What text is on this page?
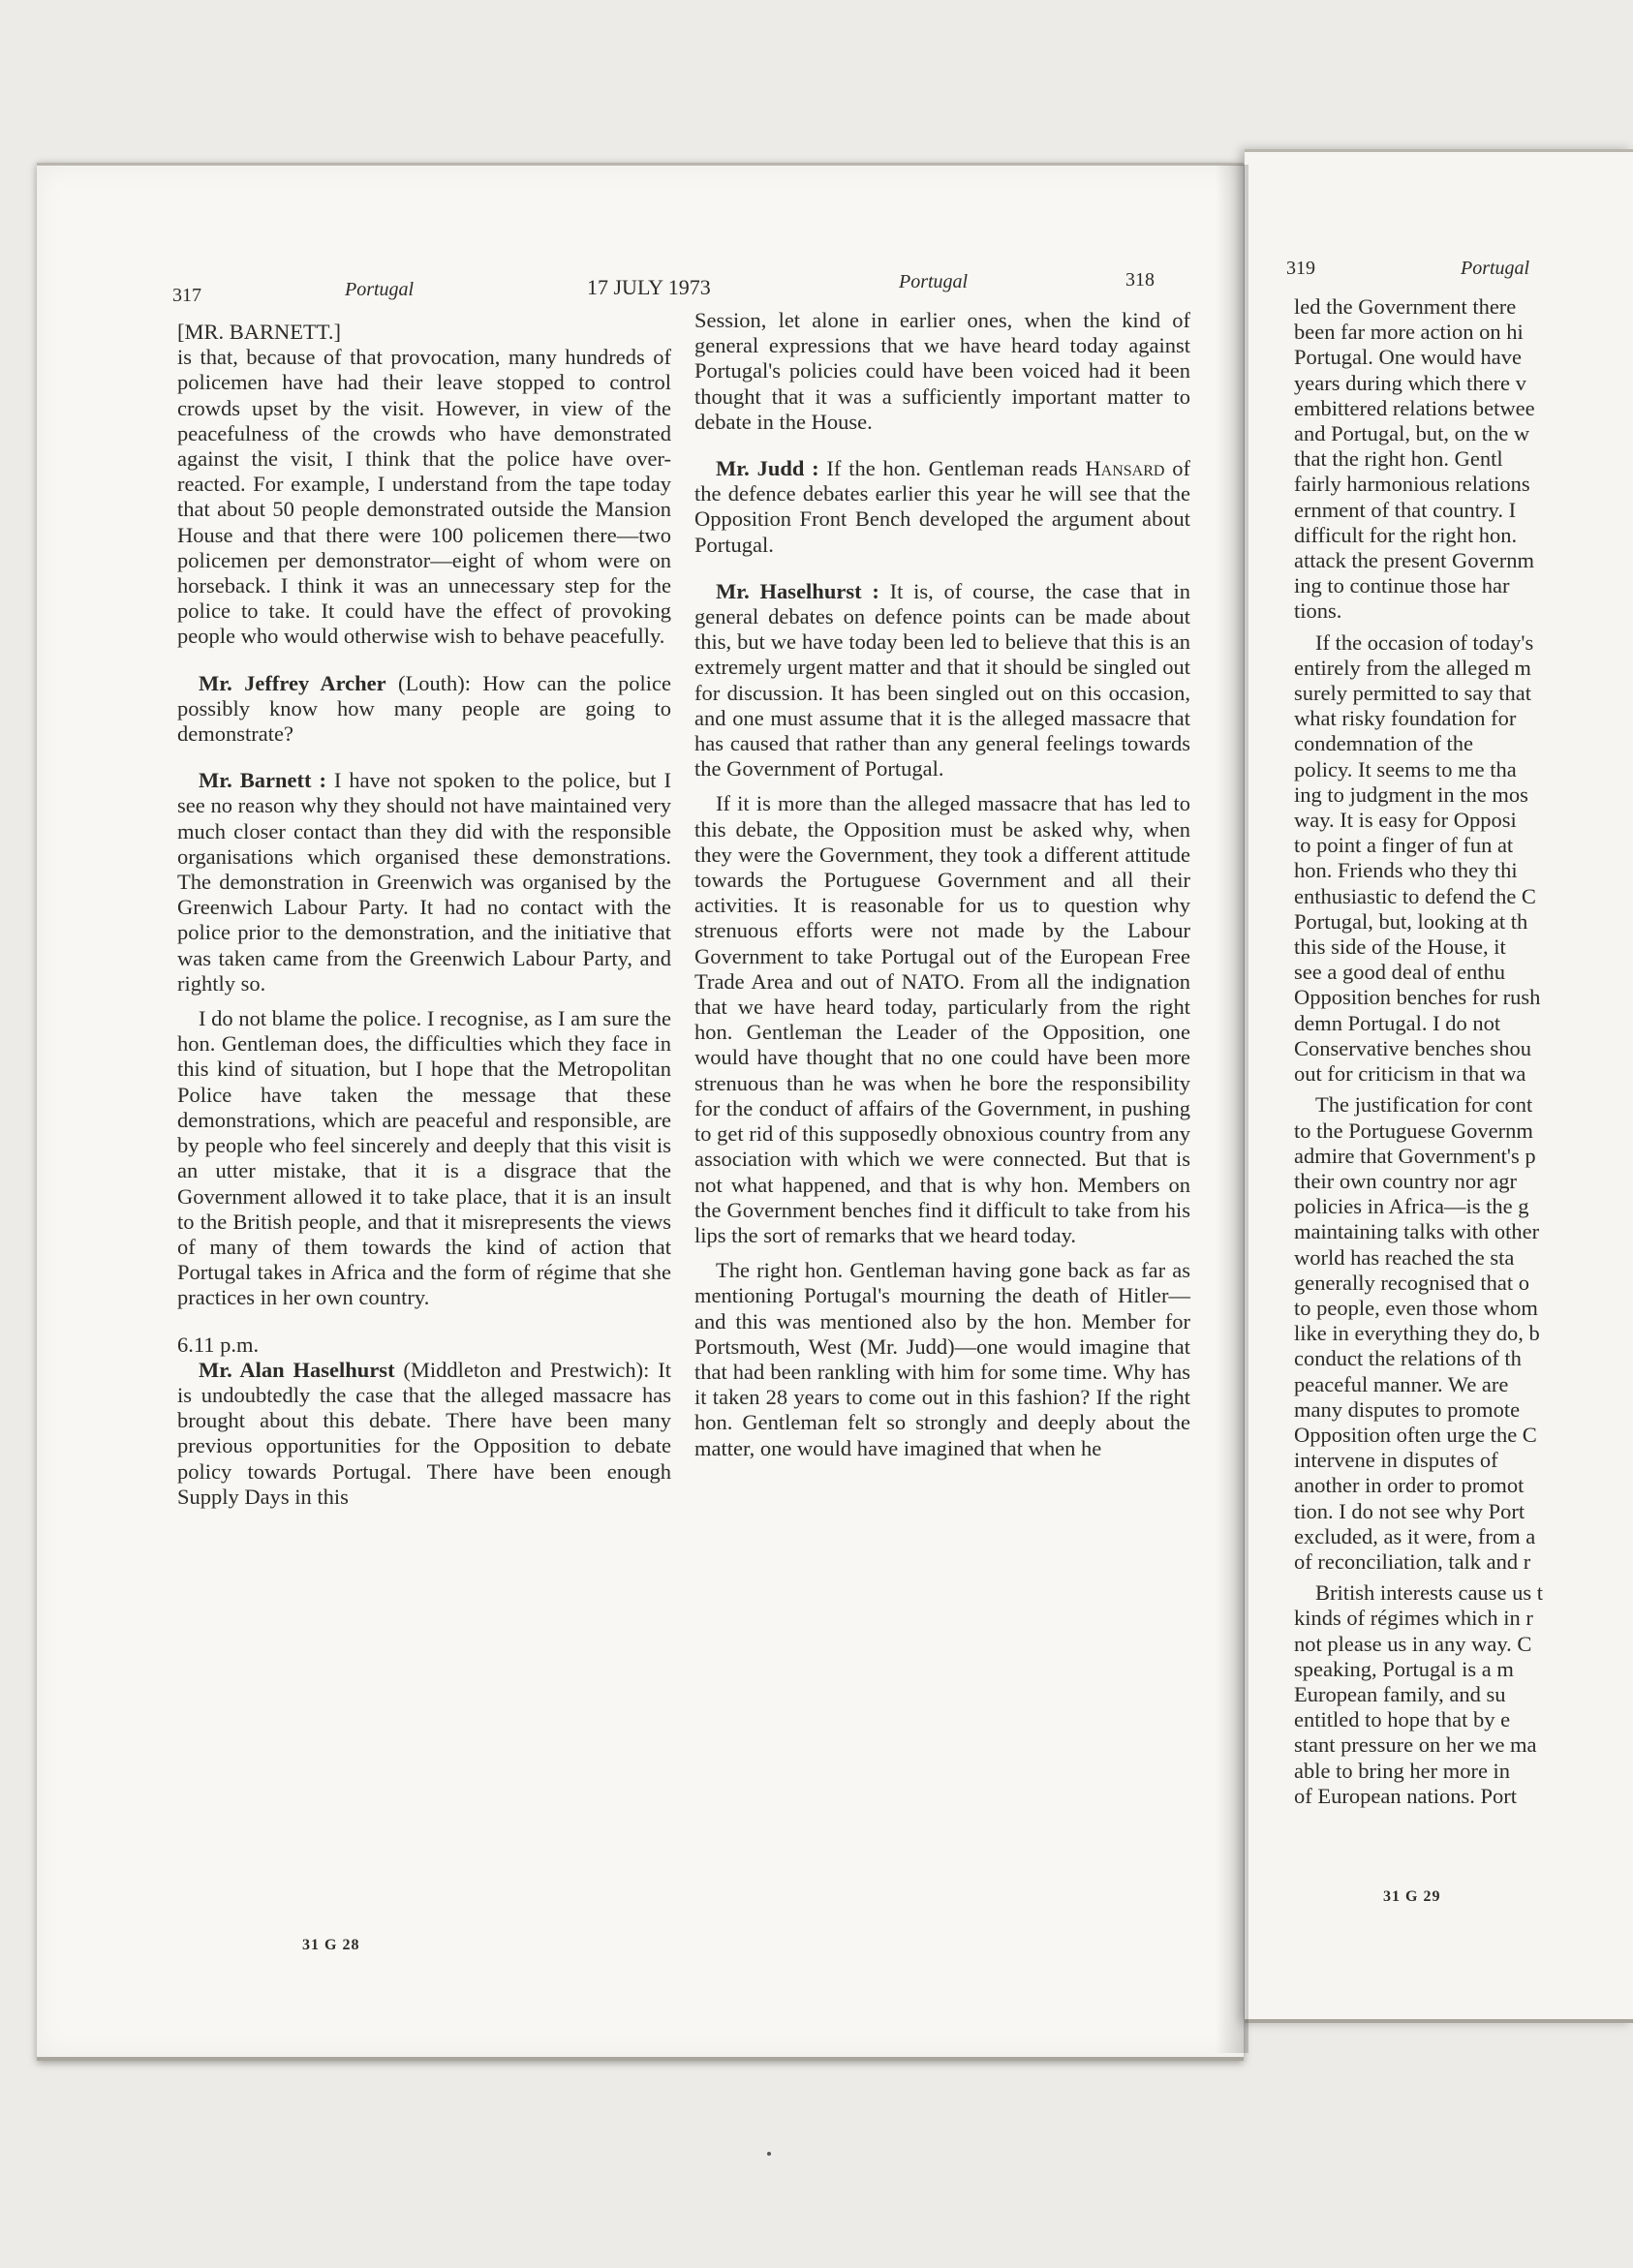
317	Portugal	17 JULY 1973	Portugal	318
319	Portugal

[MR. BARNETT.]

is that, because of that provocation, many hundreds of policemen have had their leave stopped to control crowds upset by the visit. However, in view of the peacefulness of the crowds who have demonstrated against the visit, I think that the police have over-reacted. For example, I understand from the tape today that about 50 people demonstrated outside the Mansion House and that there were 100 policemen there—two policemen per demonstrator—eight of whom were on horseback. I think it was an unnecessary step for the police to take. It could have the effect of provoking people who would otherwise wish to behave peacefully.

Mr. Jeffrey Archer (Louth): How can the police possibly know how many people are going to demonstrate?

Mr. Barnett : I have not spoken to the police, but I see no reason why they should not have maintained very much closer contact than they did with the responsible organisations which organised these demonstrations. The demonstration in Greenwich was organised by the Greenwich Labour Party. It had no contact with the police prior to the demonstration, and the initiative that was taken came from the Greenwich Labour Party, and rightly so.

I do not blame the police. I recognise, as I am sure the hon. Gentleman does, the difficulties which they face in this kind of situation, but I hope that the Metropolitan Police have taken the message that these demonstrations, which are peaceful and responsible, are by people who feel sincerely and deeply that this visit is an utter mistake, that it is a disgrace that the Government allowed it to take place, that it is an insult to the British people, and that it misrepresents the views of many of them towards the kind of action that Portugal takes in Africa and the form of régime that she practices in her own country.

6.11 p.m.

Mr. Alan Haselhurst (Middleton and Prestwich): It is undoubtedly the case that the alleged massacre has brought about this debate. There have been many previous opportunities for the Opposition to debate policy towards Portugal. There have been enough Supply Days in this

31 G 28

Session, let alone in earlier ones, when the kind of general expressions that we have heard today against Portugal's policies could have been voiced had it been thought that it was a sufficiently important matter to debate in the House.

Mr. Judd : If the hon. Gentleman reads Hansard of the defence debates earlier this year he will see that the Opposition Front Bench developed the argument about Portugal.

Mr. Haselhurst : It is, of course, the case that in general debates on defence points can be made about this, but we have today been led to believe that this is an extremely urgent matter and that it should be singled out for discussion. It has been singled out on this occasion, and one must assume that it is the alleged massacre that has caused that rather than any general feelings towards the Government of Portugal.

If it is more than the alleged massacre that has led to this debate, the Opposition must be asked why, when they were the Government, they took a different attitude towards the Portuguese Government and all their activities. It is reasonable for us to question why strenuous efforts were not made by the Labour Government to take Portugal out of the European Free Trade Area and out of NATO. From all the indignation that we have heard today, particularly from the right hon. Gentleman the Leader of the Opposition, one would have thought that no one could have been more strenuous than he was when he bore the responsibility for the conduct of affairs of the Government, in pushing to get rid of this supposedly obnoxious country from any association with which we were connected. But that is not what happened, and that is why hon. Members on the Government benches find it difficult to take from his lips the sort of remarks that we heard today.

The right hon. Gentleman having gone back as far as mentioning Portugal's mourning the death of Hitler—and this was mentioned also by the hon. Member for Portsmouth, West (Mr. Judd)—one would imagine that that had been rankling with him for some time. Why has it taken 28 years to come out in this fashion? If the right hon. Gentleman felt so strongly and deeply about the matter, one would have imagined that when he

led the Government there

been far more action on hi

Portugal. One would have

years during which there v

embittered relations betwee

and Portugal, but, on the w

that the right hon. Gentl

fairly harmonious relations

ernment of that country. I

difficult for the right hon.

attack the present Governm

ing to continue those har

tions.

If the occasion of today's

entirely from the alleged m

surely permitted to say that

what risky foundation for

condemnation of the

policy. It seems to me tha

ing to judgment in the mos

way. It is easy for Opposi

to point a finger of fun at

hon. Friends who they thi

enthusiastic to defend the C

Portugal, but, looking at th

this side of the House, it

see a good deal of enthu

Opposition benches for rush

demn Portugal. I do not

Conservative benches shou

out for criticism in that wa

The justification for cont

to the Portuguese Governm

admire that Government's p

their own country nor agr

policies in Africa—is the g

maintaining talks with other

world has reached the sta

generally recognised that o

to people, even those whom

like in everything they do, b

conduct the relations of th

peaceful manner. We are

many disputes to promote

Opposition often urge the C

intervene in disputes of

another in order to promot

tion. I do not see why Port

excluded, as it were, from a

of reconciliation, talk and r

British interests cause us t

kinds of régimes which in r

not please us in any way. C

speaking, Portugal is a m

European family, and su

entitled to hope that by e

stant pressure on her we ma

able to bring her more in

of European nations. Port

31 G 29
